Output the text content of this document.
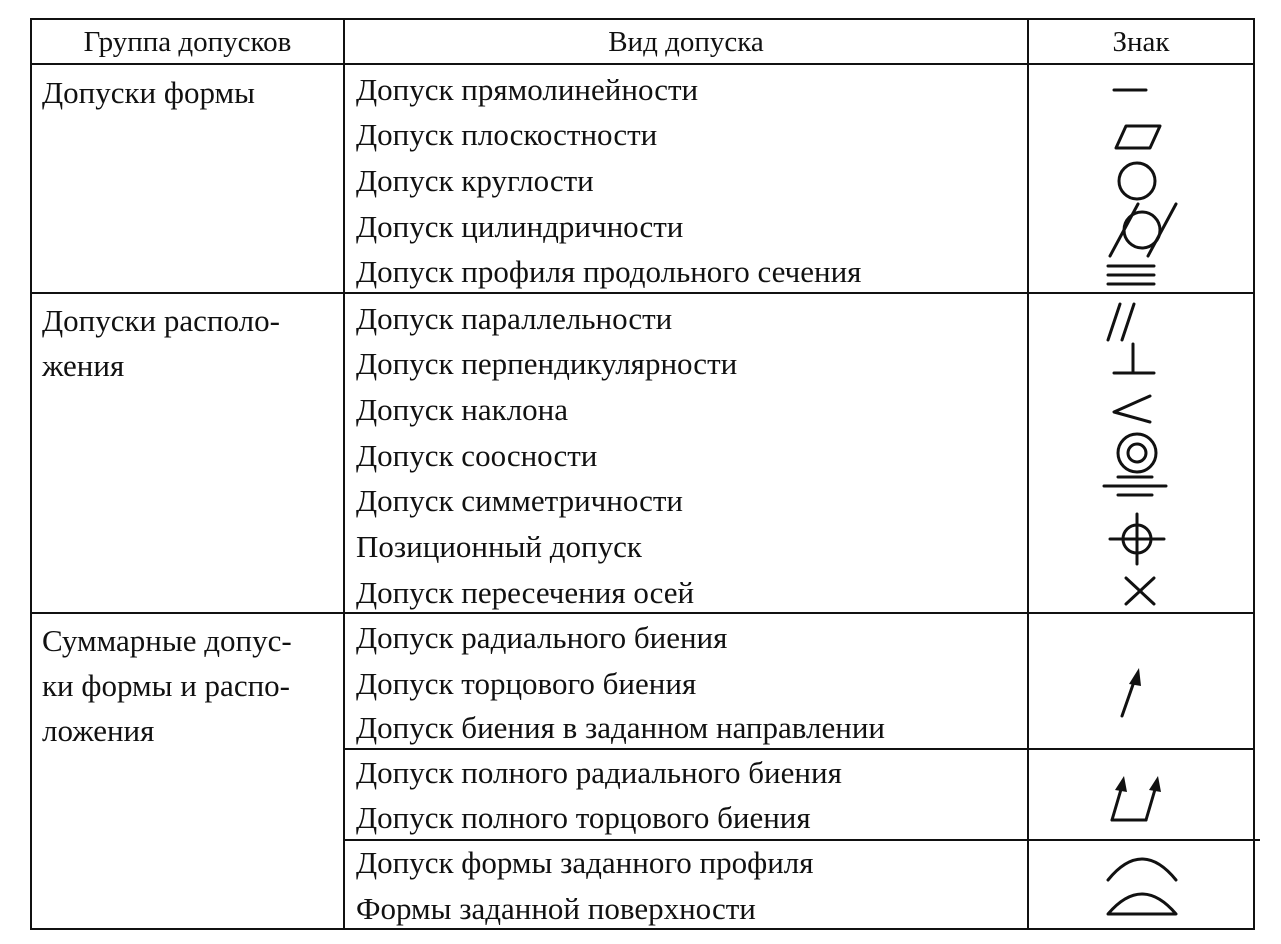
Группа допусков	Вид допуска	Знак
Допуски формы
Допуски располо-
жения
Суммарные допус-
ки формы и распо-
ложения
Допуск прямолинейности
Допуск плоскостности
Допуск круглости
Допуск цилиндричности
Допуск профиля продольного сечения
Допуск параллельности
Допуск перпендикулярности
Допуск наклона
Допуск соосности
Допуск симметричности
Позиционный допуск
Допуск пересечения осей
Допуск радиального биения
Допуск торцового биения
Допуск биения в заданном направлении
Допуск полного радиального биения
Допуск полного торцового биения
Допуск формы заданного профиля
Формы заданной поверхности
